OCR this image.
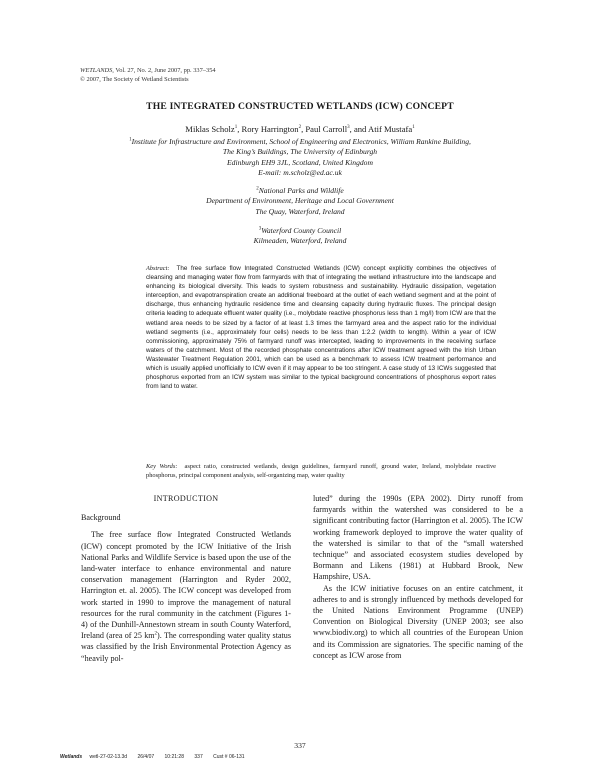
WETLANDS, Vol. 27, No. 2, June 2007, pp. 337–354
© 2007, The Society of Wetland Scientists
THE INTEGRATED CONSTRUCTED WETLANDS (ICW) CONCEPT
Miklas Scholz$^1$, Rory Harrington$^2$, Paul Carroll$^3$, and Atif Mustafa$^1$
$^1$Institute for Infrastructure and Environment, School of Engineering and Electronics, William Rankine Building,
The King’s Buildings, The University of Edinburgh
Edinburgh EH9 3JL, Scotland, United Kingdom
E-mail: m.scholz@ed.ac.uk
$^2$National Parks and Wildlife
Department of Environment, Heritage and Local Government
The Quay, Waterford, Ireland
$^3$Waterford County Council
Kilmeaden, Waterford, Ireland
Abstract: The free surface flow Integrated Constructed Wetlands (ICW) concept explicitly combines the objectives of cleansing and managing water flow from farmyards with that of integrating the wetland infrastructure into the landscape and enhancing its biological diversity. This leads to system robustness and sustainability. Hydraulic dissipation, vegetation interception, and evapotranspiration create an additional freeboard at the outlet of each wetland segment and at the point of discharge, thus enhancing hydraulic residence time and cleansing capacity during hydraulic fluxes. The principal design criteria leading to adequate effluent water quality (i.e., molybdate reactive phosphorus less than 1 mg/l) from ICW are that the wetland area needs to be sized by a factor of at least 1.3 times the farmyard area and the aspect ratio for the individual wetland segments (i.e., approximately four cells) needs to be less than 1:2.2 (width to length). Within a year of ICW commissioning, approximately 75% of farmyard runoff was intercepted, leading to improvements in the receiving surface waters of the catchment. Most of the recorded phosphate concentrations after ICW treatment agreed with the Irish Urban Wastewater Treatment Regulation 2001, which can be used as a benchmark to assess ICW treatment performance and which is usually applied unofficially to ICW even if it may appear to be too stringent. A case study of 13 ICWs suggested that phosphorus exported from an ICW system was similar to the typical background concentrations of phosphorus export rates from land to water.
Key Words: aspect ratio, constructed wetlands, design guidelines, farmyard runoff, ground water, Ireland, molybdate reactive phosphorus, principal component analysis, self-organizing map, water quality
INTRODUCTION
Background

The free surface flow Integrated Constructed Wetlands (ICW) concept promoted by the ICW Initiative of the Irish National Parks and Wildlife Service is based upon the use of the land-water interface to enhance environmental and nature conservation management (Harrington and Ryder 2002, Harrington et. al. 2005). The ICW concept was developed from work started in 1990 to improve the management of natural resources for the rural community in the catchment (Figures 1-4) of the Dunhill-Annestown stream in south County Waterford, Ireland (area of 25 $km^2$). The corresponding water quality status was classified by the Irish Environmental Protection Agency as “heavily pol-

luted” during the 1990s (EPA 2002). Dirty runoff from farmyards within the watershed was considered to be a significant contributing factor (Harrington et al. 2005). The ICW working framework deployed to improve the water quality of the watershed is similar to that of the “small watershed technique” and associated ecosystem studies developed by Bormann and Likens (1981) at Hubbard Brook, New Hampshire, USA.

As the ICW initiative focuses on an entire catchment, it adheres to and is strongly influenced by methods developed for the United Nations Environment Programme (UNEP) Convention on Biological Diversity (UNEP 2003; see also www.biodiv.org) to which all countries of the European Union and its Commission are signatories. The specific naming of the concept as ICW arose from

337
Wetlands wetl-27-02-13.3d 26/4/07 10:21:28 337 Cust # 06-131
